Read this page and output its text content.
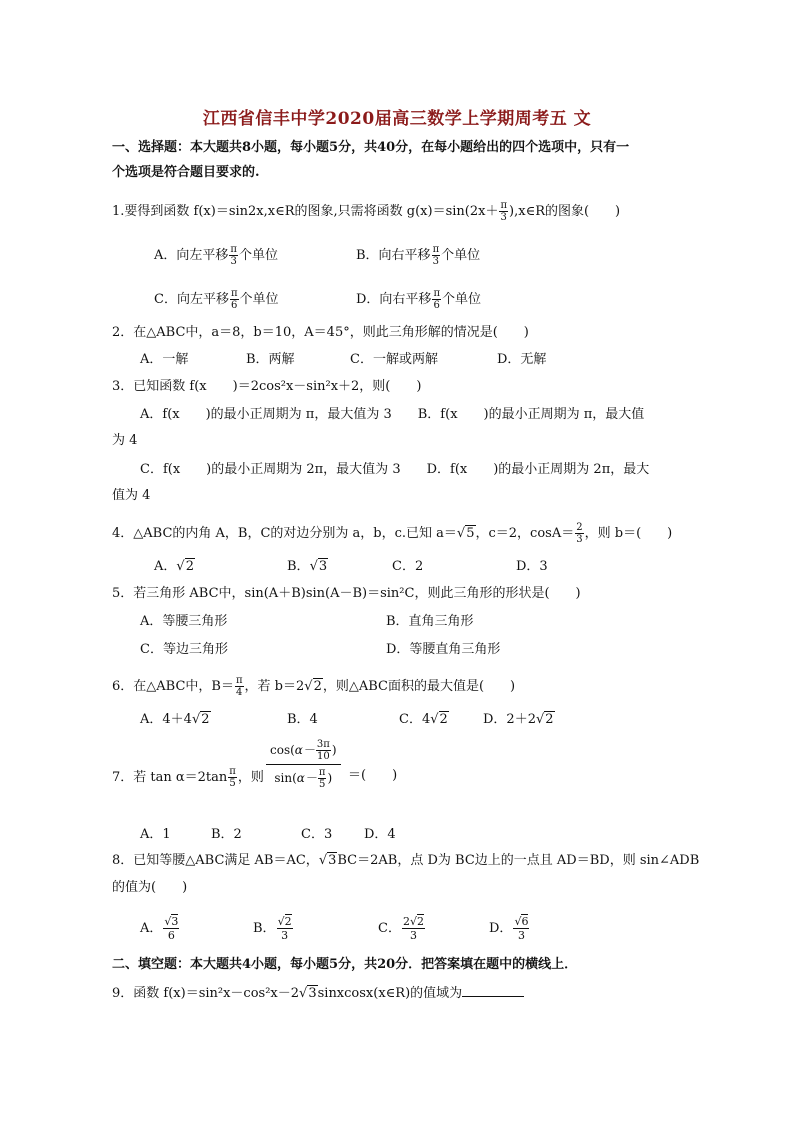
江西省信丰中学2020届高三数学上学期周考五 文
一、选择题：本大题共8小题，每小题5分，共40分，在每小题给出的四个选项中，只有一
个选项是符合题目要求的.
1.要得到函数 f(x)＝sin2x,x∈R的图象,只需将函数 $g(x)=\sin(2x+ \frac{\pi}{3}$ ),x∈R的图象(　　)
A．向左平移 $\frac{\pi}{3}$ 个单位	B．向右平移 $\frac{\pi}{3}$ 个单位
C．向左平移 $\frac{\pi}{6}$ 个单位	D．向右平移 $\frac{\pi}{6}$ 个单位
2．在△ABC中，a＝8，b＝10，A＝45°，则此三角形解的情况是(　　)
A．一解	B．两解	C．一解或两解	D．无解
3．已知函数 f(x　　)＝2cos²x－sin²x＋2，则(　　)
A．f(x　　)的最小正周期为 π，最大值为 3　　B．f(x　　)的最小正周期为 π，最大值
为 4
C．f(x　　)的最小正周期为 2π，最大值为 3　　D．f(x　　)的最小正周期为 2π，最大
值为 4
4．△ABC的内角 A，B，C的对边分别为 a，b，c.已知 a＝√5，c＝2，$\cos A= \frac{2}{3}$ ，则 b＝(　　)
A．√2	B．√3	C．2	D．3
5．若三角形 ABC中，sin(A＋B)sin(A－B)＝sin²C，则此三角形的形状是(　　)
A．等腰三角形	B．直角三角形
C．等边三角形	D．等腰直角三角形
6．在△ABC中，$B= \frac{\pi}{4}$ ，若 b＝2√2，则△ABC面积的最大值是(　　)
A．4＋4√2	B．4	C．4√2	D．2＋2√2
7．若 $\tan \alpha=2\tan \frac{\pi}{5}$ ，则
$\cos(\alpha- \frac{3\pi}{10}$ )
$\sin(\alpha- \frac{\pi}{5}$ )	＝(　　)
A．1	B．2	C．3 D．4
8．已知等腰△ABC满足 AB＝AC，√3BC＝2AB，点 D为 BC边上的一点且 AD＝BD，则 sin∠ADB
的值为(　　)
A． $\frac{√3}{6}$	B． $\frac{√2}{3}$	C． $\frac{2√2}{3}$	D． $\frac{√6}{3}$
二、填空题：本大题共4小题，每小题5分，共20分．把答案填在题中的横线上．
9．函数 f(x)＝sin²x－cos²x－2√3sinxcosx(x∈R)的值域为
